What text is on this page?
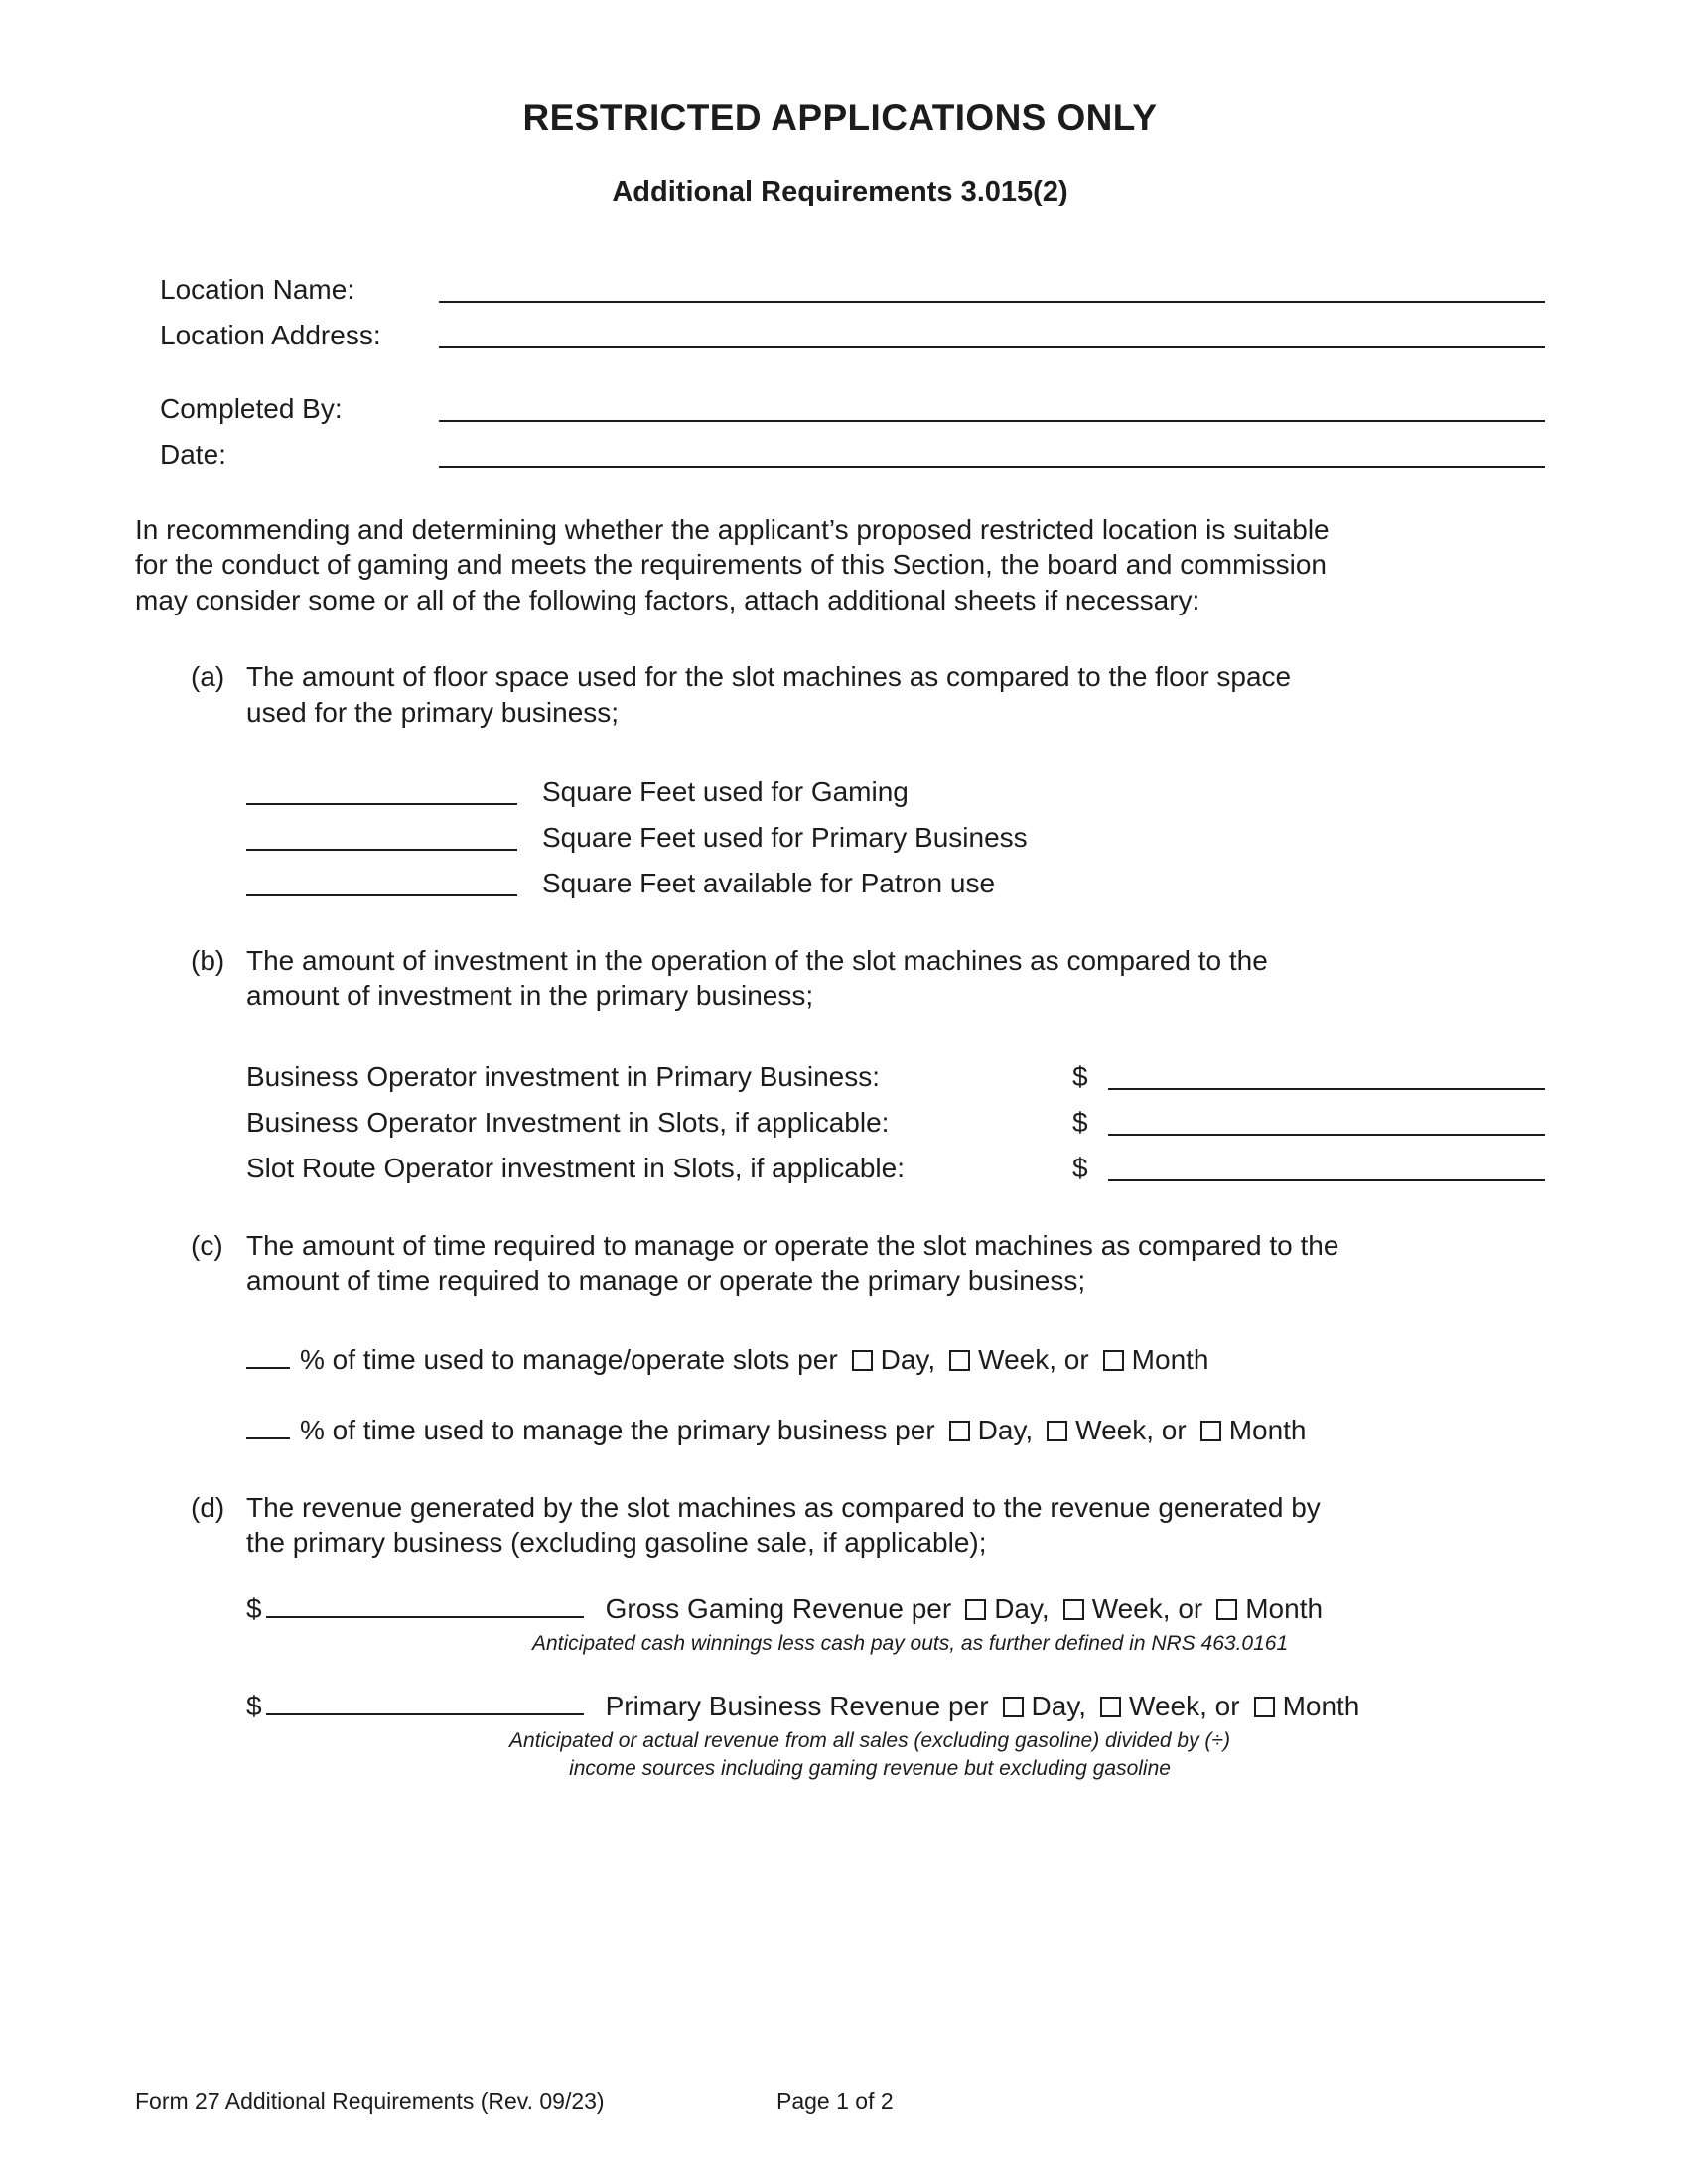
RESTRICTED APPLICATIONS ONLY
Additional Requirements 3.015(2)
Location Name:
Location Address:
Completed By:
Date:

In recommending and determining whether the applicant’s proposed restricted location is suitable for the conduct of gaming and meets the requirements of this Section, the board and commission may consider some or all of the following factors, attach additional sheets if necessary:

(a) The amount of floor space used for the slot machines as compared to the floor space used for the primary business;
Square Feet used for Gaming
Square Feet used for Primary Business
Square Feet available for Patron use
(b) The amount of investment in the operation of the slot machines as compared to the amount of investment in the primary business;
Business Operator investment in Primary Business:	$
Business Operator Investment in Slots, if applicable:	$
Slot Route Operator investment in Slots, if applicable:	$
(c) The amount of time required to manage or operate the slot machines as compared to the amount of time required to manage or operate the primary business;
% of time used to manage/operate slots per Day, Week, or Month
% of time used to manage the primary business per Day, Week, or Month
(d) The revenue generated by the slot machines as compared to the revenue generated by the primary business (excluding gasoline sale, if applicable);
$	Gross Gaming Revenue per Day, Week, or Month
Anticipated cash winnings less cash pay outs, as further defined in NRS 463.0161
$	Primary Business Revenue per Day, Week, or Month
Anticipated or actual revenue from all sales (excluding gasoline) divided by (÷)
income sources including gaming revenue but excluding gasoline
Form 27 Additional Requirements (Rev. 09/23)	Page 1 of 2
